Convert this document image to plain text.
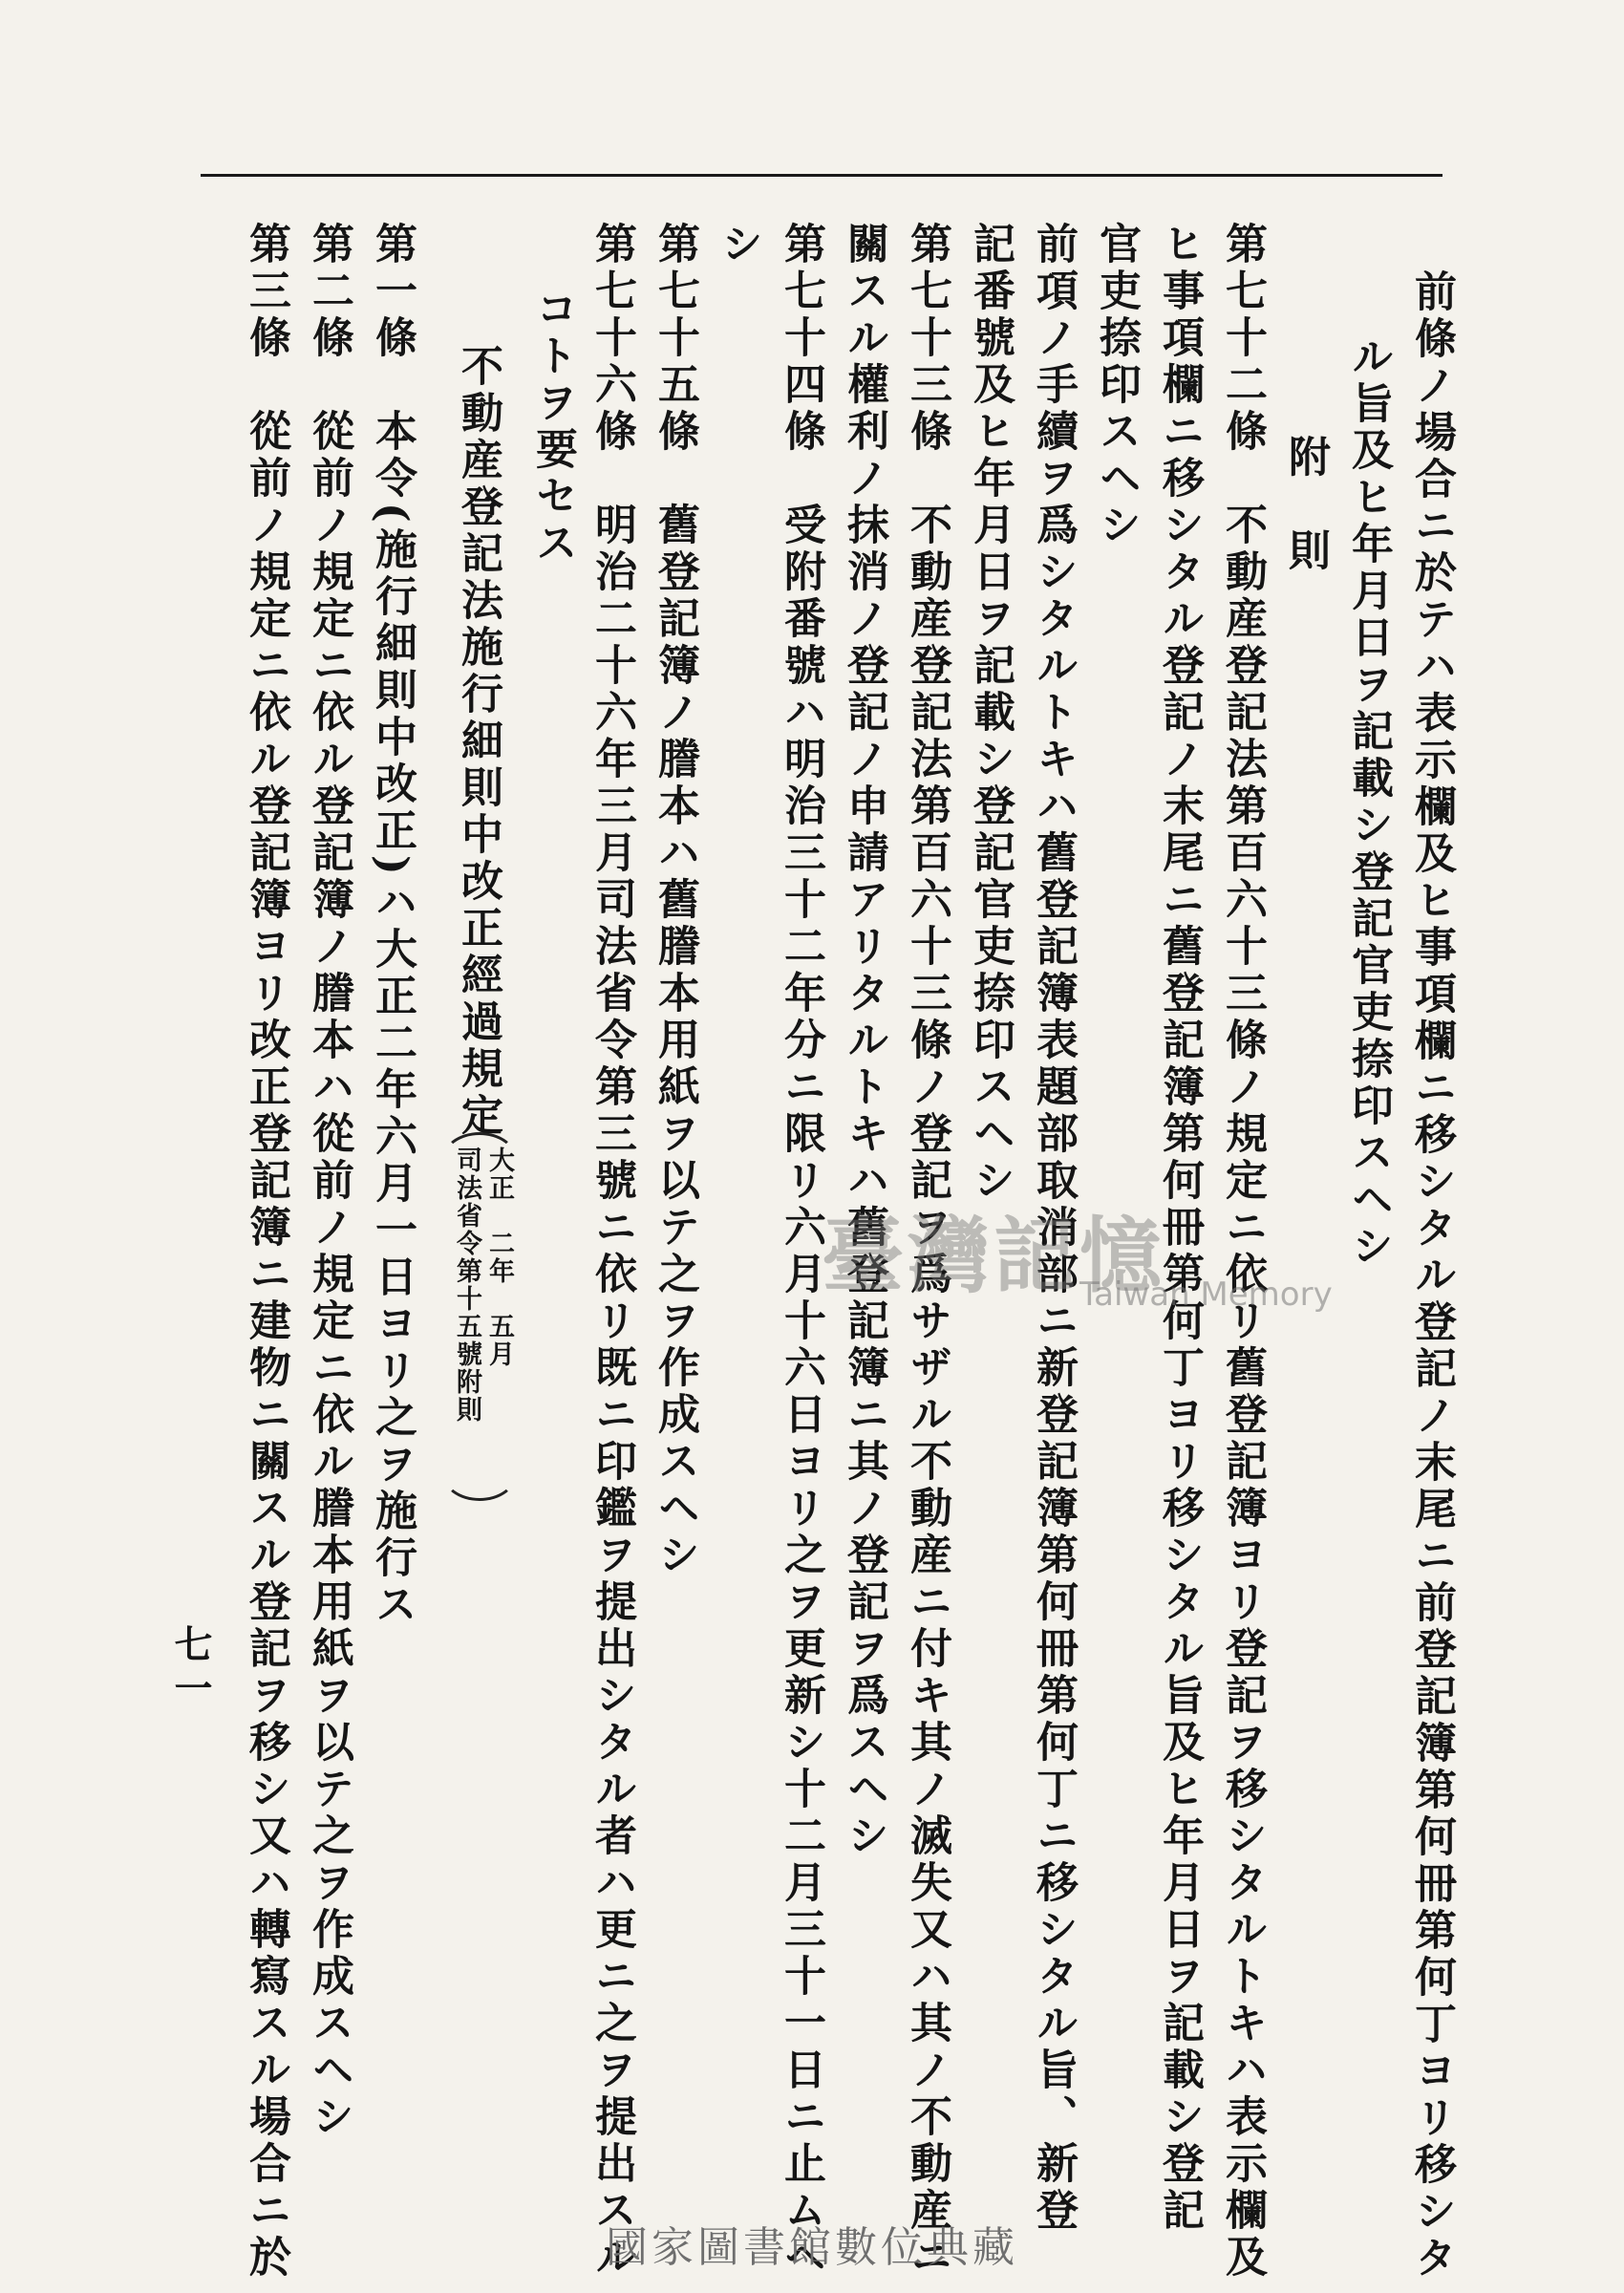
前條ノ場合ニ於テハ表示欄及ヒ事項欄ニ移シタル登記ノ末尾ニ前登記簿第何冊第何丁ヨリ移シタ
ル旨及ヒ年月日ヲ記載シ登記官吏捺印スヘシ
附　則
第七十二條　不動産登記法第百六十三條ノ規定ニ依リ舊登記簿ヨリ登記ヲ移シタルトキハ表示欄及
ヒ事項欄ニ移シタル登記ノ末尾ニ舊登記簿第何冊第何丁ヨリ移シタル旨及ヒ年月日ヲ記載シ登記
官吏捺印スヘシ
前項ノ手續ヲ爲シタルトキハ舊登記簿表題部取消部ニ新登記簿第何冊第何丁ニ移シタル旨、新登
記番號及ヒ年月日ヲ記載シ登記官吏捺印スヘシ
第七十三條　不動産登記法第百六十三條ノ登記ヲ爲サザル不動産ニ付キ其ノ滅失又ハ其ノ不動産ニ
關スル權利ノ抹消ノ登記ノ申請アリタルトキハ舊登記簿ニ其ノ登記ヲ爲スヘシ
第七十四條　受附番號ハ明治三十二年分ニ限リ六月十六日ヨリ之ヲ更新シ十二月三十一日ニ止ムヘ
シ
第七十五條　舊登記簿ノ謄本ハ舊謄本用紙ヲ以テ之ヲ作成スヘシ
第七十六條　明治二十六年三月司法省令第三號ニ依リ既ニ印鑑ヲ提出シタル者ハ更ニ之ヲ提出スル
コトヲ要セス
不動産登記法施行細則中改正經過規定
大正　二年　五月
司法省令第十五號附則
第一條　本令(施行細則中改正)ハ大正二年六月一日ヨリ之ヲ施行ス
第二條　從前ノ規定ニ依ル登記簿ノ謄本ハ從前ノ規定ニ依ル謄本用紙ヲ以テ之ヲ作成スヘシ
第三條　從前ノ規定ニ依ル登記簿ヨリ改正登記簿ニ建物ニ關スル登記ヲ移シ又ハ轉寫スル場合ニ於
七一
臺灣記憶
Taiwan Memory
國家圖書館數位典藏
